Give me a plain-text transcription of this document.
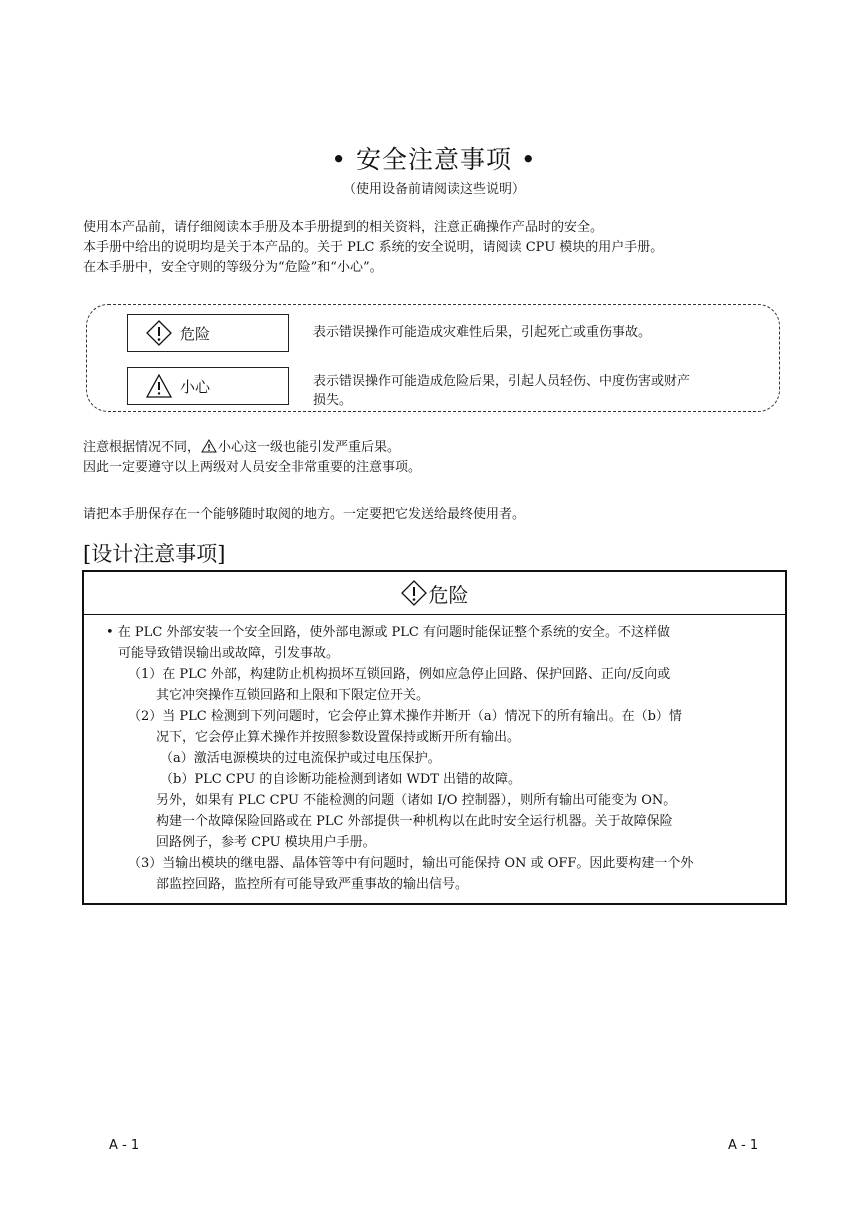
• 安全注意事项 •
（使用设备前请阅读这些说明）

使用本产品前，请仔细阅读本手册及本手册提到的相关资料，注意正确操作产品时的安全。

本手册中给出的说明均是关于本产品的。关于 PLC 系统的安全说明，请阅读 CPU 模块的用户手册。

在本手册中，安全守则的等级分为“危险”和“小心”。

危险	表示错误操作可能造成灾难性后果，引起死亡或重伤事故。
小心	表示错误操作可能造成危险后果，引起人员轻伤、中度伤害或财产
损失。

注意根据情况不同， 小心这一级也能引发严重后果。

因此一定要遵守以上两级对人员安全非常重要的注意事项。

请把本手册保存在一个能够随时取阅的地方。一定要把它发送给最终使用者。

[设计注意事项]
危险
• 在 PLC 外部安装一个安全回路，使外部电源或 PLC 有问题时能保证整个系统的安全。不这样做
可能导致错误输出或故障，引发事故。
（1）在 PLC 外部，构建防止机构损坏互锁回路，例如应急停止回路、保护回路、正向/反向或
其它冲突操作互锁回路和上限和下限定位开关。
（2）当 PLC 检测到下列问题时，它会停止算术操作并断开（a）情况下的所有输出。在（b）情
况下，它会停止算术操作并按照参数设置保持或断开所有输出。
（a）激活电源模块的过电流保护或过电压保护。
（b）PLC CPU 的自诊断功能检测到诸如 WDT 出错的故障。
另外，如果有 PLC CPU 不能检测的问题（诸如 I/O 控制器），则所有输出可能变为 ON。
构建一个故障保险回路或在 PLC 外部提供一种机构以在此时安全运行机器。关于故障保险
回路例子，参考 CPU 模块用户手册。
（3）当输出模块的继电器、晶体管等中有问题时，输出可能保持 ON 或 OFF。因此要构建一个外
部监控回路，监控所有可能导致严重事故的输出信号。
A - 1	A - 1
